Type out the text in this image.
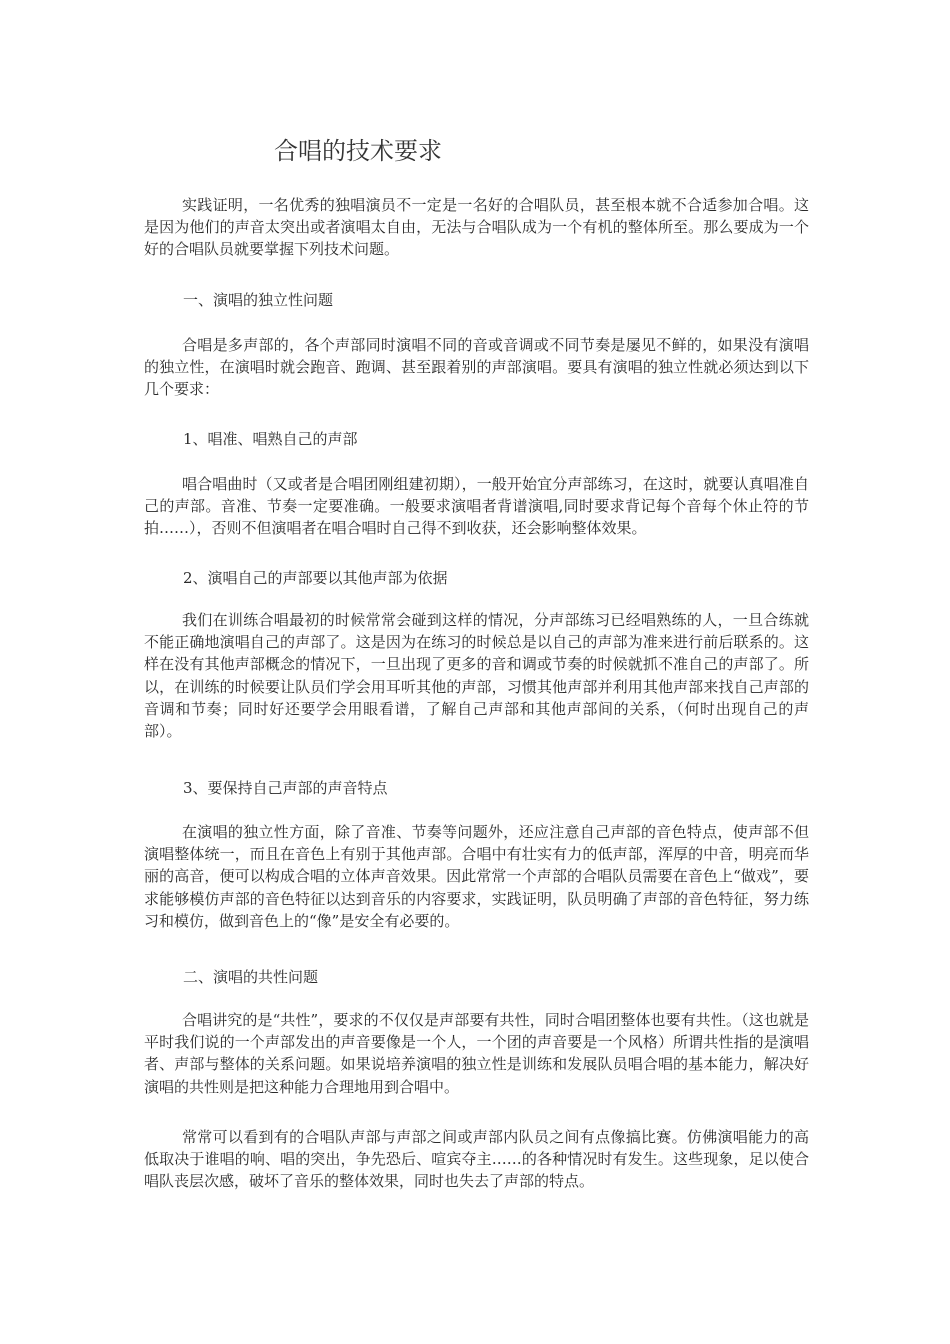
合唱的技术要求

实践证明，一名优秀的独唱演员不一定是一名好的合唱队员，甚至根本就不合适参加合唱。这是因为他们的声音太突出或者演唱太自由，无法与合唱队成为一个有机的整体所至。那么要成为一个好的合唱队员就要掌握下列技术问题。

一、演唱的独立性问题

合唱是多声部的，各个声部同时演唱不同的音或音调或不同节奏是屡见不鲜的，如果没有演唱的独立性，在演唱时就会跑音、跑调、甚至跟着别的声部演唱。要具有演唱的独立性就必须达到以下几个要求：

1、唱准、唱熟自己的声部

唱合唱曲时（又或者是合唱团刚组建初期），一般开始宜分声部练习，在这时，就要认真唱准自己的声部。音准、节奏一定要准确。一般要求演唱者背谱演唱,同时要求背记每个音每个休止符的节拍……），否则不但演唱者在唱合唱时自己得不到收获，还会影响整体效果。

2、演唱自己的声部要以其他声部为依据

我们在训练合唱最初的时候常常会碰到这样的情况，分声部练习已经唱熟练的人，一旦合练就不能正确地演唱自己的声部了。这是因为在练习的时候总是以自己的声部为准来进行前后联系的。这样在没有其他声部概念的情况下，一旦出现了更多的音和调或节奏的时候就抓不准自己的声部了。所以，在训练的时候要让队员们学会用耳听其他的声部，习惯其他声部并利用其他声部来找自己声部的音调和节奏；同时好还要学会用眼看谱，了解自己声部和其他声部间的关系，（何时出现自己的声部）。

3、要保持自己声部的声音特点

在演唱的独立性方面，除了音准、节奏等问题外，还应注意自己声部的音色特点，使声部不但演唱整体统一，而且在音色上有别于其他声部。合唱中有壮实有力的低声部，浑厚的中音，明亮而华丽的高音，便可以构成合唱的立体声音效果。因此常常一个声部的合唱队员需要在音色上“做戏”，要求能够模仿声部的音色特征以达到音乐的内容要求，实践证明，队员明确了声部的音色特征，努力练习和模仿，做到音色上的“像”是安全有必要的。

二、演唱的共性问题

合唱讲究的是“共性”，要求的不仅仅是声部要有共性，同时合唱团整体也要有共性。（这也就是平时我们说的一个声部发出的声音要像是一个人，一个团的声音要是一个风格）所谓共性指的是演唱者、声部与整体的关系问题。如果说培养演唱的独立性是训练和发展队员唱合唱的基本能力，解决好演唱的共性则是把这种能力合理地用到合唱中。

常常可以看到有的合唱队声部与声部之间或声部内队员之间有点像搞比赛。仿佛演唱能力的高低取决于谁唱的响、唱的突出，争先恐后、喧宾夺主……的各种情况时有发生。这些现象，足以使合唱队丧层次感，破坏了音乐的整体效果，同时也失去了声部的特点。
